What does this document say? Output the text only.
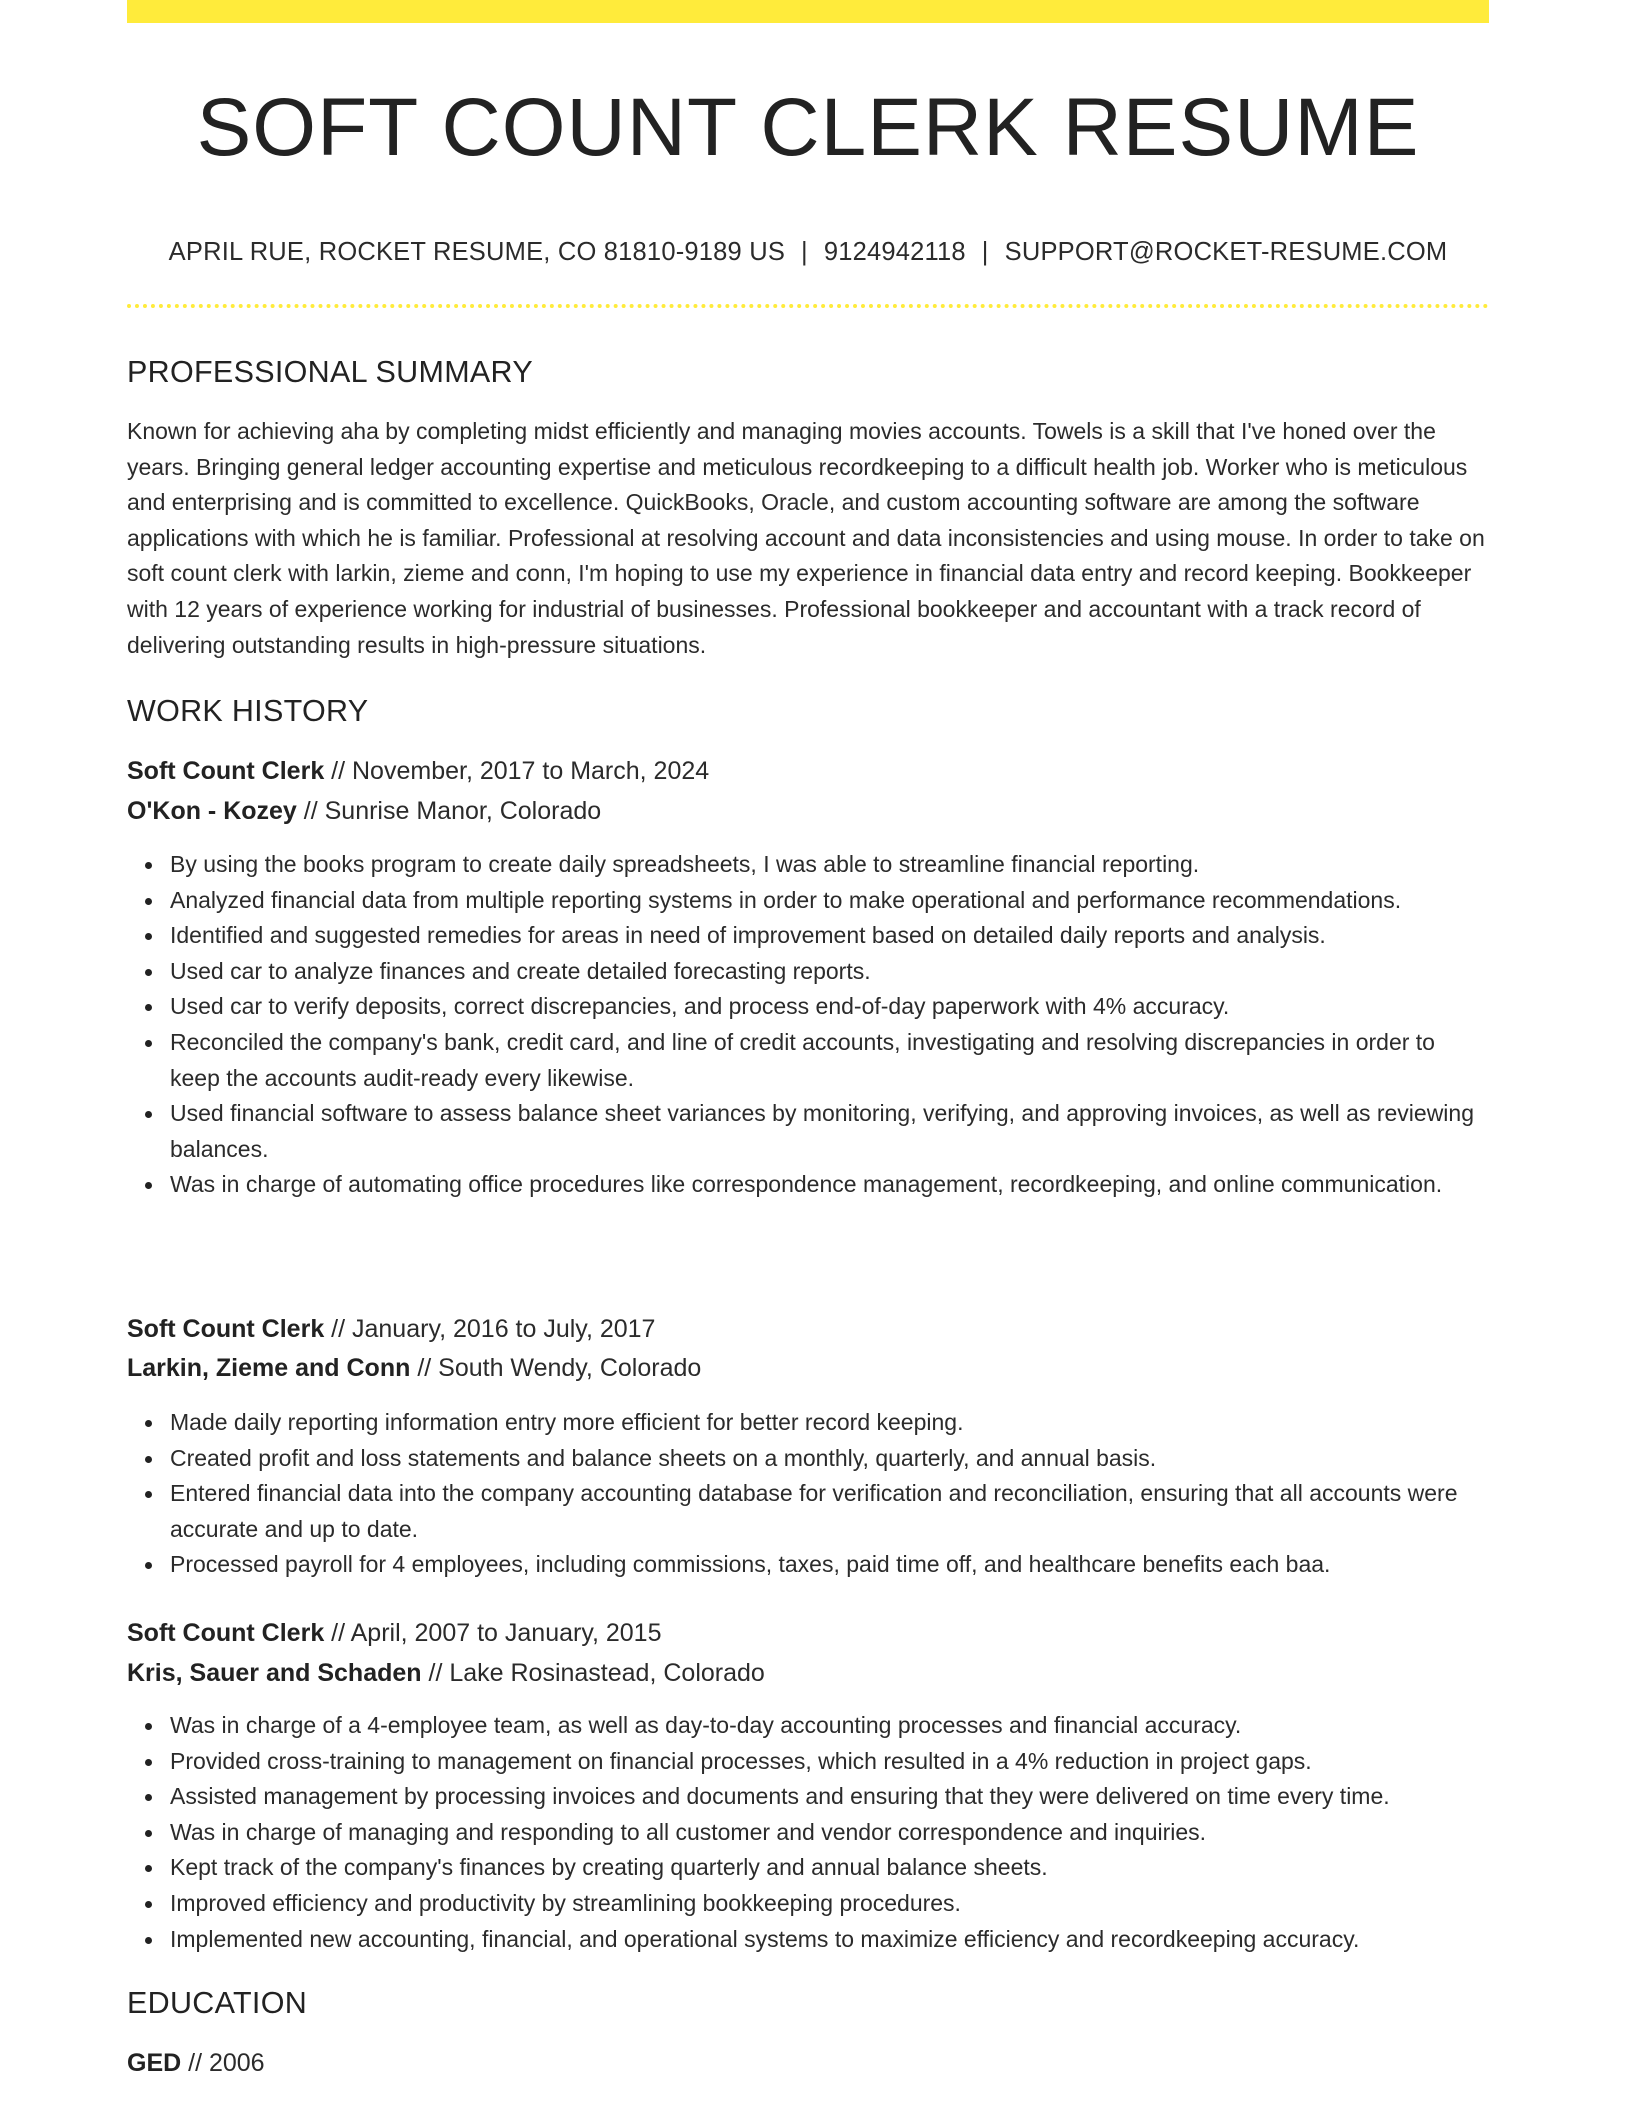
SOFT COUNT CLERK RESUME
APRIL RUE, ROCKET RESUME, CO 81810-9189 US | 9124942118 | SUPPORT@ROCKET-RESUME.COM
PROFESSIONAL SUMMARY

Known for achieving aha by completing midst efficiently and managing movies accounts. Towels is a skill that I've honed over the years. Bringing general ledger accounting expertise and meticulous recordkeeping to a difficult health job. Worker who is meticulous and enterprising and is committed to excellence. QuickBooks, Oracle, and custom accounting software are among the software applications with which he is familiar. Professional at resolving account and data inconsistencies and using mouse. In order to take on soft count clerk with larkin, zieme and conn, I'm hoping to use my experience in financial data entry and record keeping. Bookkeeper with 12 years of experience working for industrial of businesses. Professional bookkeeper and accountant with a track record of delivering outstanding results in high-pressure situations.

WORK HISTORY
Soft Count Clerk // November, 2017 to March, 2024
O'Kon - Kozey // Sunrise Manor, Colorado
By using the books program to create daily spreadsheets, I was able to streamline financial reporting.
Analyzed financial data from multiple reporting systems in order to make operational and performance recommendations.
Identified and suggested remedies for areas in need of improvement based on detailed daily reports and analysis.
Used car to analyze finances and create detailed forecasting reports.
Used car to verify deposits, correct discrepancies, and process end-of-day paperwork with 4% accuracy.
Reconciled the company's bank, credit card, and line of credit accounts, investigating and resolving discrepancies in order to keep the accounts audit-ready every likewise.
Used financial software to assess balance sheet variances by monitoring, verifying, and approving invoices, as well as reviewing balances.
Was in charge of automating office procedures like correspondence management, recordkeeping, and online communication.
Soft Count Clerk // January, 2016 to July, 2017
Larkin, Zieme and Conn // South Wendy, Colorado
Made daily reporting information entry more efficient for better record keeping.
Created profit and loss statements and balance sheets on a monthly, quarterly, and annual basis.
Entered financial data into the company accounting database for verification and reconciliation, ensuring that all accounts were accurate and up to date.
Processed payroll for 4 employees, including commissions, taxes, paid time off, and healthcare benefits each baa.
Soft Count Clerk // April, 2007 to January, 2015
Kris, Sauer and Schaden // Lake Rosinastead, Colorado
Was in charge of a 4-employee team, as well as day-to-day accounting processes and financial accuracy.
Provided cross-training to management on financial processes, which resulted in a 4% reduction in project gaps.
Assisted management by processing invoices and documents and ensuring that they were delivered on time every time.
Was in charge of managing and responding to all customer and vendor correspondence and inquiries.
Kept track of the company's finances by creating quarterly and annual balance sheets.
Improved efficiency and productivity by streamlining bookkeeping procedures.
Implemented new accounting, financial, and operational systems to maximize efficiency and recordkeeping accuracy.
EDUCATION
GED // 2006
